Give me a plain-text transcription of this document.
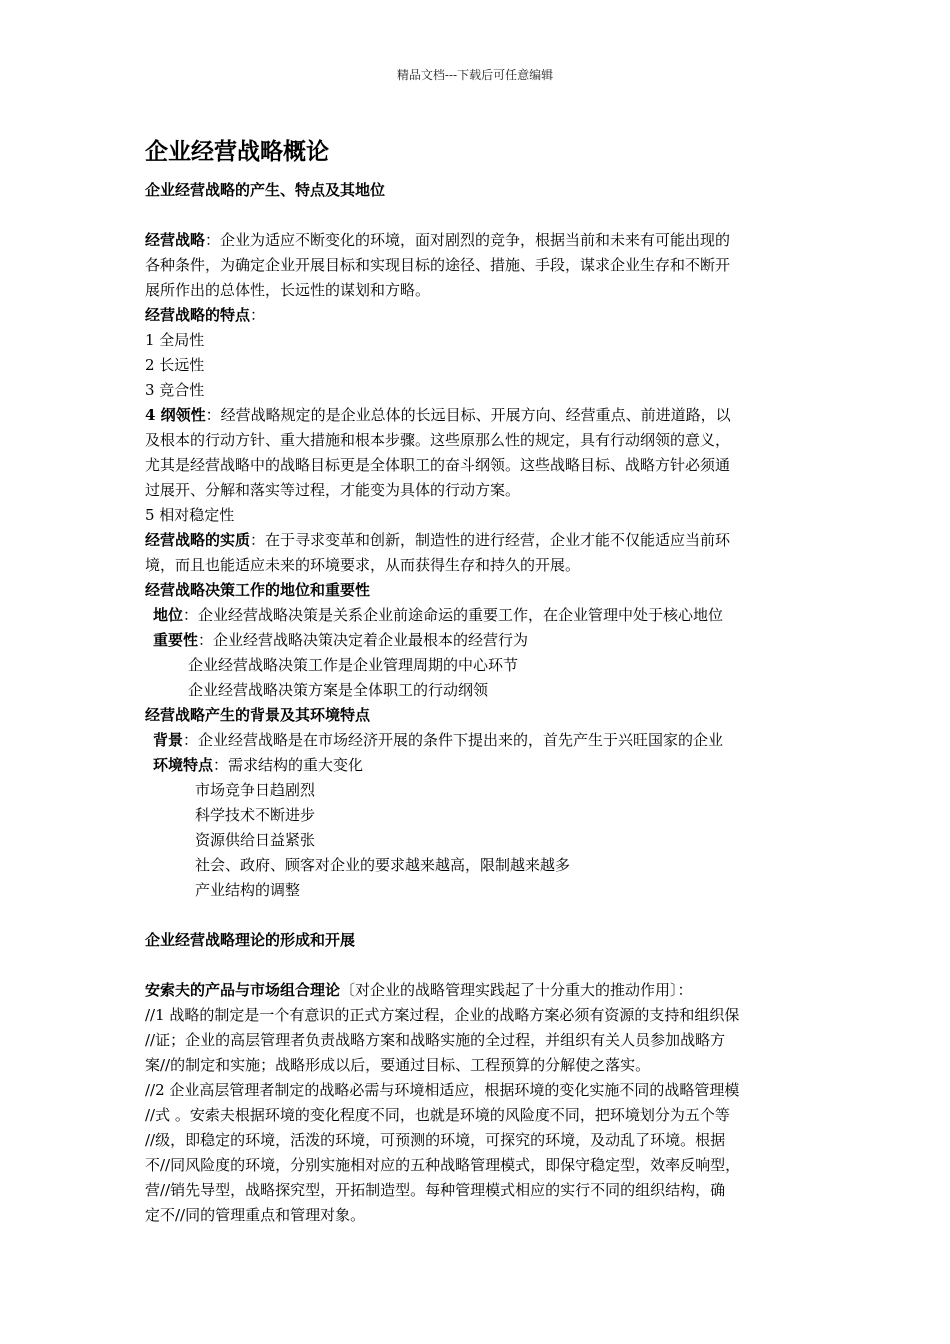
精品文档---下载后可任意编辑
企业经营战略概论
企业经营战略的产生、特点及其地位
经营战略：企业为适应不断变化的环境，面对剧烈的竞争，根据当前和未来有可能出现的
各种条件，为确定企业开展目标和实现目标的途径、措施、手段，谋求企业生存和不断开
展所作出的总体性，长远性的谋划和方略。
经营战略的特点：
1 全局性
2 长远性
3 竞合性
4 纲领性：经营战略规定的是企业总体的长远目标、开展方向、经营重点、前进道路，以
及根本的行动方针、重大措施和根本步骤。这些原那么性的规定，具有行动纲领的意义，
尤其是经营战略中的战略目标更是全体职工的奋斗纲领。这些战略目标、战略方针必须通
过展开、分解和落实等过程，才能变为具体的行动方案。
5 相对稳定性
经营战略的实质：在于寻求变革和创新，制造性的进行经营，企业才能不仅能适应当前环
境，而且也能适应未来的环境要求，从而获得生存和持久的开展。
经营战略决策工作的地位和重要性
地位：企业经营战略决策是关系企业前途命运的重要工作，在企业管理中处于核心地位
重要性：企业经营战略决策决定着企业最根本的经营行为
企业经营战略决策工作是企业管理周期的中心环节
企业经营战略决策方案是全体职工的行动纲领
经营战略产生的背景及其环境特点
背景：企业经营战略是在市场经济开展的条件下提出来的，首先产生于兴旺国家的企业
环境特点：需求结构的重大变化
市场竞争日趋剧烈
科学技术不断进步
资源供给日益紧张
社会、政府、顾客对企业的要求越来越高，限制越来越多
产业结构的调整
企业经营战略理论的形成和开展
安索夫的产品与市场组合理论〔对企业的战略管理实践起了十分重大的推动作用〕：
//1 战略的制定是一个有意识的正式方案过程，企业的战略方案必须有资源的支持和组织保
//证；企业的高层管理者负责战略方案和战略实施的全过程，并组织有关人员参加战略方
案//的制定和实施；战略形成以后，要通过目标、工程预算的分解使之落实。
//2 企业高层管理者制定的战略必需与环境相适应，根据环境的变化实施不同的战略管理模
//式 。安索夫根据环境的变化程度不同，也就是环境的风险度不同，把环境划分为五个等
//级，即稳定的环境，活泼的环境，可预测的环境，可探究的环境，及动乱了环境。根据
不//同风险度的环境，分别实施相对应的五种战略管理模式，即保守稳定型，效率反响型，
营//销先导型，战略探究型，开拓制造型。每种管理模式相应的实行不同的组织结构，确
定不//同的管理重点和管理对象。
